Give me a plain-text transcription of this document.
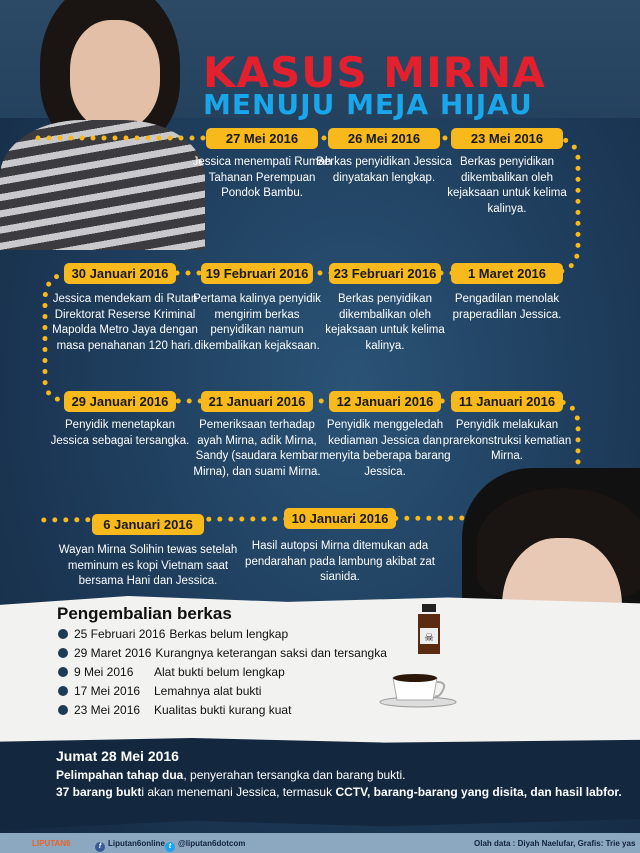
KASUS MIRNA
MENUJU MEJA HIJAU
27 Mei 2016
Jessica menempati Rumah Tahanan Perempuan Pondok Bambu.
26 Mei 2016
Berkas penyidikan Jessica dinyatakan lengkap.
23 Mei 2016
Berkas penyidikan dikembalikan oleh kejaksaan untuk kelima kalinya.
30 Januari 2016
Jessica mendekam di Rutan Direktorat Reserse Kriminal Mapolda Metro Jaya dengan masa penahanan 120 hari.
19 Februari 2016
Pertama kalinya penyidik mengirim berkas penyidikan namun dikembalikan kejaksaan.
23 Februari 2016
Berkas penyidikan dikembalikan oleh kejaksaan untuk kelima kalinya.
1 Maret 2016
Pengadilan menolak praperadilan Jessica.
29 Januari 2016
Penyidik menetapkan Jessica sebagai tersangka.
21 Januari 2016
Pemeriksaan terhadap ayah Mirna, adik Mirna, Sandy (saudara kembar Mirna), dan suami Mirna.
12 Januari 2016
Penyidik menggeledah kediaman Jessica dan menyita beberapa barang Jessica.
11 Januari 2016
Penyidik melakukan prarekonstruksi kematian Mirna.
6 Januari 2016
Wayan Mirna Solihin tewas setelah meminum es kopi Vietnam saat bersama Hani dan Jessica.
10 Januari 2016
Hasil autopsi Mirna ditemukan ada pendarahan pada lambung akibat zat sianida.
Pengembalian berkas
25 Februari 2016 Berkas belum lengkap
29 Maret 2016 Kurangnya keterangan saksi dan tersangka
9 Mei 2016 Alat bukti belum lengkap
17 Mei 2016 Lemahnya alat bukti
23 Mei 2016 Kualitas bukti kurang kuat
☠
Jumat 28 Mei 2016
Pelimpahan tahap dua, penyerahan tersangka dan barang bukti.
37 barang bukti akan menemani Jessica, termasuk CCTV, barang-barang yang disita, dan hasil labfor.
LIPUTAN6	f Liputan6online t @liputan6dotcom	Olah data : Diyah Naelufar, Grafis: Trie yas
